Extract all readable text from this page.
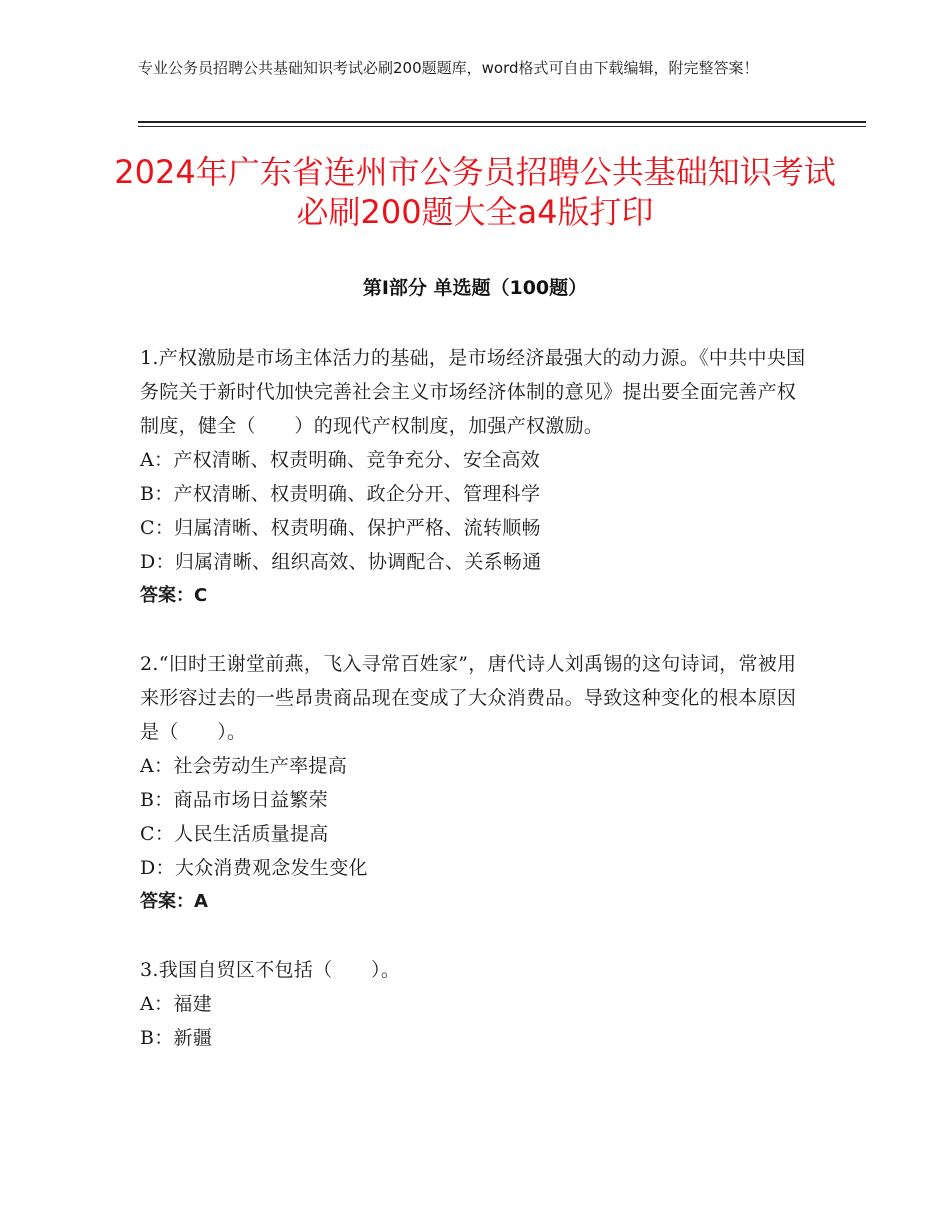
专业公务员招聘公共基础知识考试必刷200题题库，word格式可自由下载编辑，附完整答案！
2024年广东省连州市公务员招聘公共基础知识考试必刷200题大全a4版打印
第Ⅰ部分 单选题（100题）
1.产权激励是市场主体活力的基础，是市场经济最强大的动力源。《中共中央国务院关于新时代加快完善社会主义市场经济体制的意见》提出要全面完善产权制度，健全（　　）的现代产权制度，加强产权激励。
A：产权清晰、权责明确、竞争充分、安全高效
B：产权清晰、权责明确、政企分开、管理科学
C：归属清晰、权责明确、保护严格、流转顺畅
D：归属清晰、组织高效、协调配合、关系畅通
答案：C
2.“旧时王谢堂前燕，飞入寻常百姓家”，唐代诗人刘禹锡的这句诗词，常被用来形容过去的一些昂贵商品现在变成了大众消费品。导致这种变化的根本原因是（　　）。
A：社会劳动生产率提高
B：商品市场日益繁荣
C：人民生活质量提高
D：大众消费观念发生变化
答案：A
3.我国自贸区不包括（　　）。
A：福建
B：新疆
